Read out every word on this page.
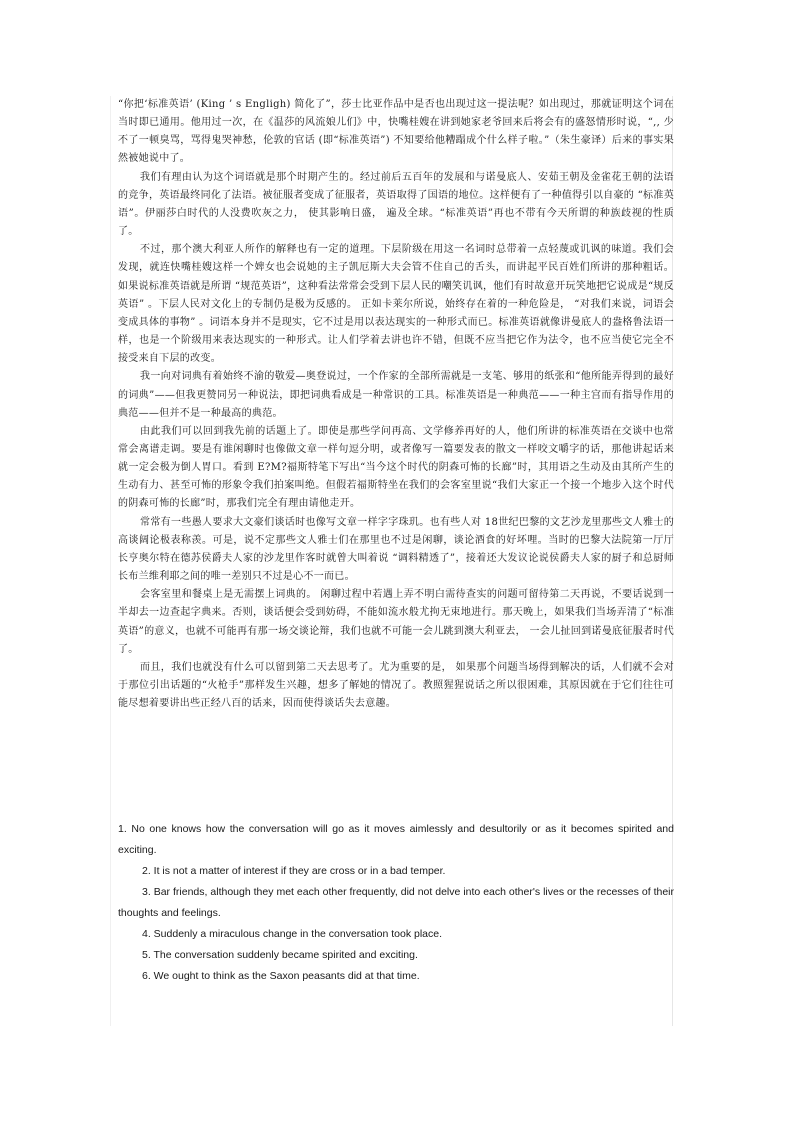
“你把‘标准英语’ (King ’ s Engligh) 简化了”，莎士比亚作品中是否也出现过这一提法呢？如出现过，那就证明这个词在当时即已通用。他用过一次，在《温莎的风流娘儿们》中，快嘴桂嫂在讲到她家老爷回来后将会有的盛怒情形时说，“,, 少不了一顿臭骂，骂得鬼哭神愁，伦敦的官话 (即“标准英语”) 不知要给他糟蹋成个什么样子啦。”（朱生豪译）后来的事实果然被她说中了。

我们有理由认为这个词语就是那个时期产生的。经过前后五百年的发展和与诺曼底人、安茹王朝及金雀花王朝的法语的竞争，英语最终同化了法语。被征服者变成了征服者，英语取得了国语的地位。这样便有了一种值得引以自豪的 “标准英语”。伊丽莎白时代的人没费吹灰之力， 使其影响日盛， 遍及全球。“标准英语”再也不带有今天所谓的种族歧视的性质了。

不过，那个澳大利亚人所作的解释也有一定的道理。下层阶级在用这一名词时总带着一点轻蔑或讥讽的味道。我们会发现，就连快嘴桂嫂这样一个婢女也会说她的主子凯厄斯大夫会管不住自己的舌头，而讲起平民百姓们所讲的那种粗话。 如果说标准英语就是所谓 “规范英语”，这种看法常常会受到下层人民的嘲笑讥讽，他们有时故意开玩笑地把它说成是“规反英语” 。下层人民对文化上的专制仍是极为反感的。 正如卡莱尔所说，始终存在着的一种危险是， “对我们来说，词语会变成具体的事物” 。词语本身并不是现实，它不过是用以表达现实的一种形式而已。标准英语就像讲曼底人的盎格鲁法语一样，也是一个阶级用来表达现实的一种形式。让人们学着去讲也许不错，但既不应当把它作为法令，也不应当使它完全不接受来自下层的改变。

我一向对词典有着始终不渝的敬爱—奥登说过，一个作家的全部所需就是一支笔、够用的纸张和“他所能弄得到的最好的词典”——但我更赞同另一种说法，即把词典看成是一种常识的工具。标准英语是一种典范——一种主宫而有指导作用的典范——但并不是一种最高的典范。

由此我们可以回到我先前的话题上了。即使是那些学问再高、文学修养再好的人，他们所讲的标准英语在交谈中也常常会离谱走调。要是有谁闲聊时也像做文章一样句逗分明，或者像写一篇要发表的散文一样咬文嚼字的话，那他讲起话来就一定会极为倒人胃口。看到 E?M?福斯特笔下写出“当今这个时代的阴森可怖的长廊”时，其用语之生动及由其所产生的生动有力、甚至可怖的形象令我们拍案叫绝。但假若福斯特坐在我们的会客室里说“我们大家正一个接一个地步入这个时代的阴森可怖的长廊”时，那我们完全有理由请他走开。

常常有一些愚人要求大文豪们谈话时也像写文章一样字字珠玑。也有些人对 18世纪巴黎的文艺沙龙里那些文人雅士的高谈阔论极表称羡。可是，说不定那些文人雅士们在那里也不过是闲聊，谈论酒食的好坏哩。当时的巴黎大法院第一厅厅长亨奥尔特在德苏侯爵夫人家的沙龙里作客时就曾大叫着说 “调料精透了”，接着还大发议论说侯爵夫人家的厨子和总厨师长布兰维利耶之间的唯一差别只不过是心不一而已。

会客室里和餐桌上是无需摆上词典的。 闲聊过程中若遇上弄不明白需待查实的问题可留待第二天再说，不要话说到一半却去一边查起字典来。否则，谈话便会受到妨碍，不能如流水般尤拘无束地进行。那天晚上，如果我们当场弄清了“标准英语”的意义，也就不可能再有那一场交谈论辩，我们也就不可能一会儿跳到澳大利亚去， 一会儿扯回到诺曼底征服者时代了。

而且，我们也就没有什么可以留到第二天去思考了。尤为重要的是， 如果那个问题当场得到解决的话，人们就不会对于那位引出话题的“火枪手”那样发生兴趣，想多了解她的情况了。教照猩猩说话之所以很困难，其原因就在于它们往往可能尽想着要讲出些正经八百的话来，因而使得谈话失去意趣。

1. No one knows how the conversation will go as it moves aimlessly and desultorily or as it becomes spirited and exciting.

2. It is not a matter of interest if they are cross or in a bad temper.

3. Bar friends, although they met each other frequently, did not delve into each other's lives or the recesses of their thoughts and feelings.

4. Suddenly a miraculous change in the conversation took place.

5. The conversation suddenly became spirited and exciting.

6. We ought to think as the Saxon peasants did at that time.
